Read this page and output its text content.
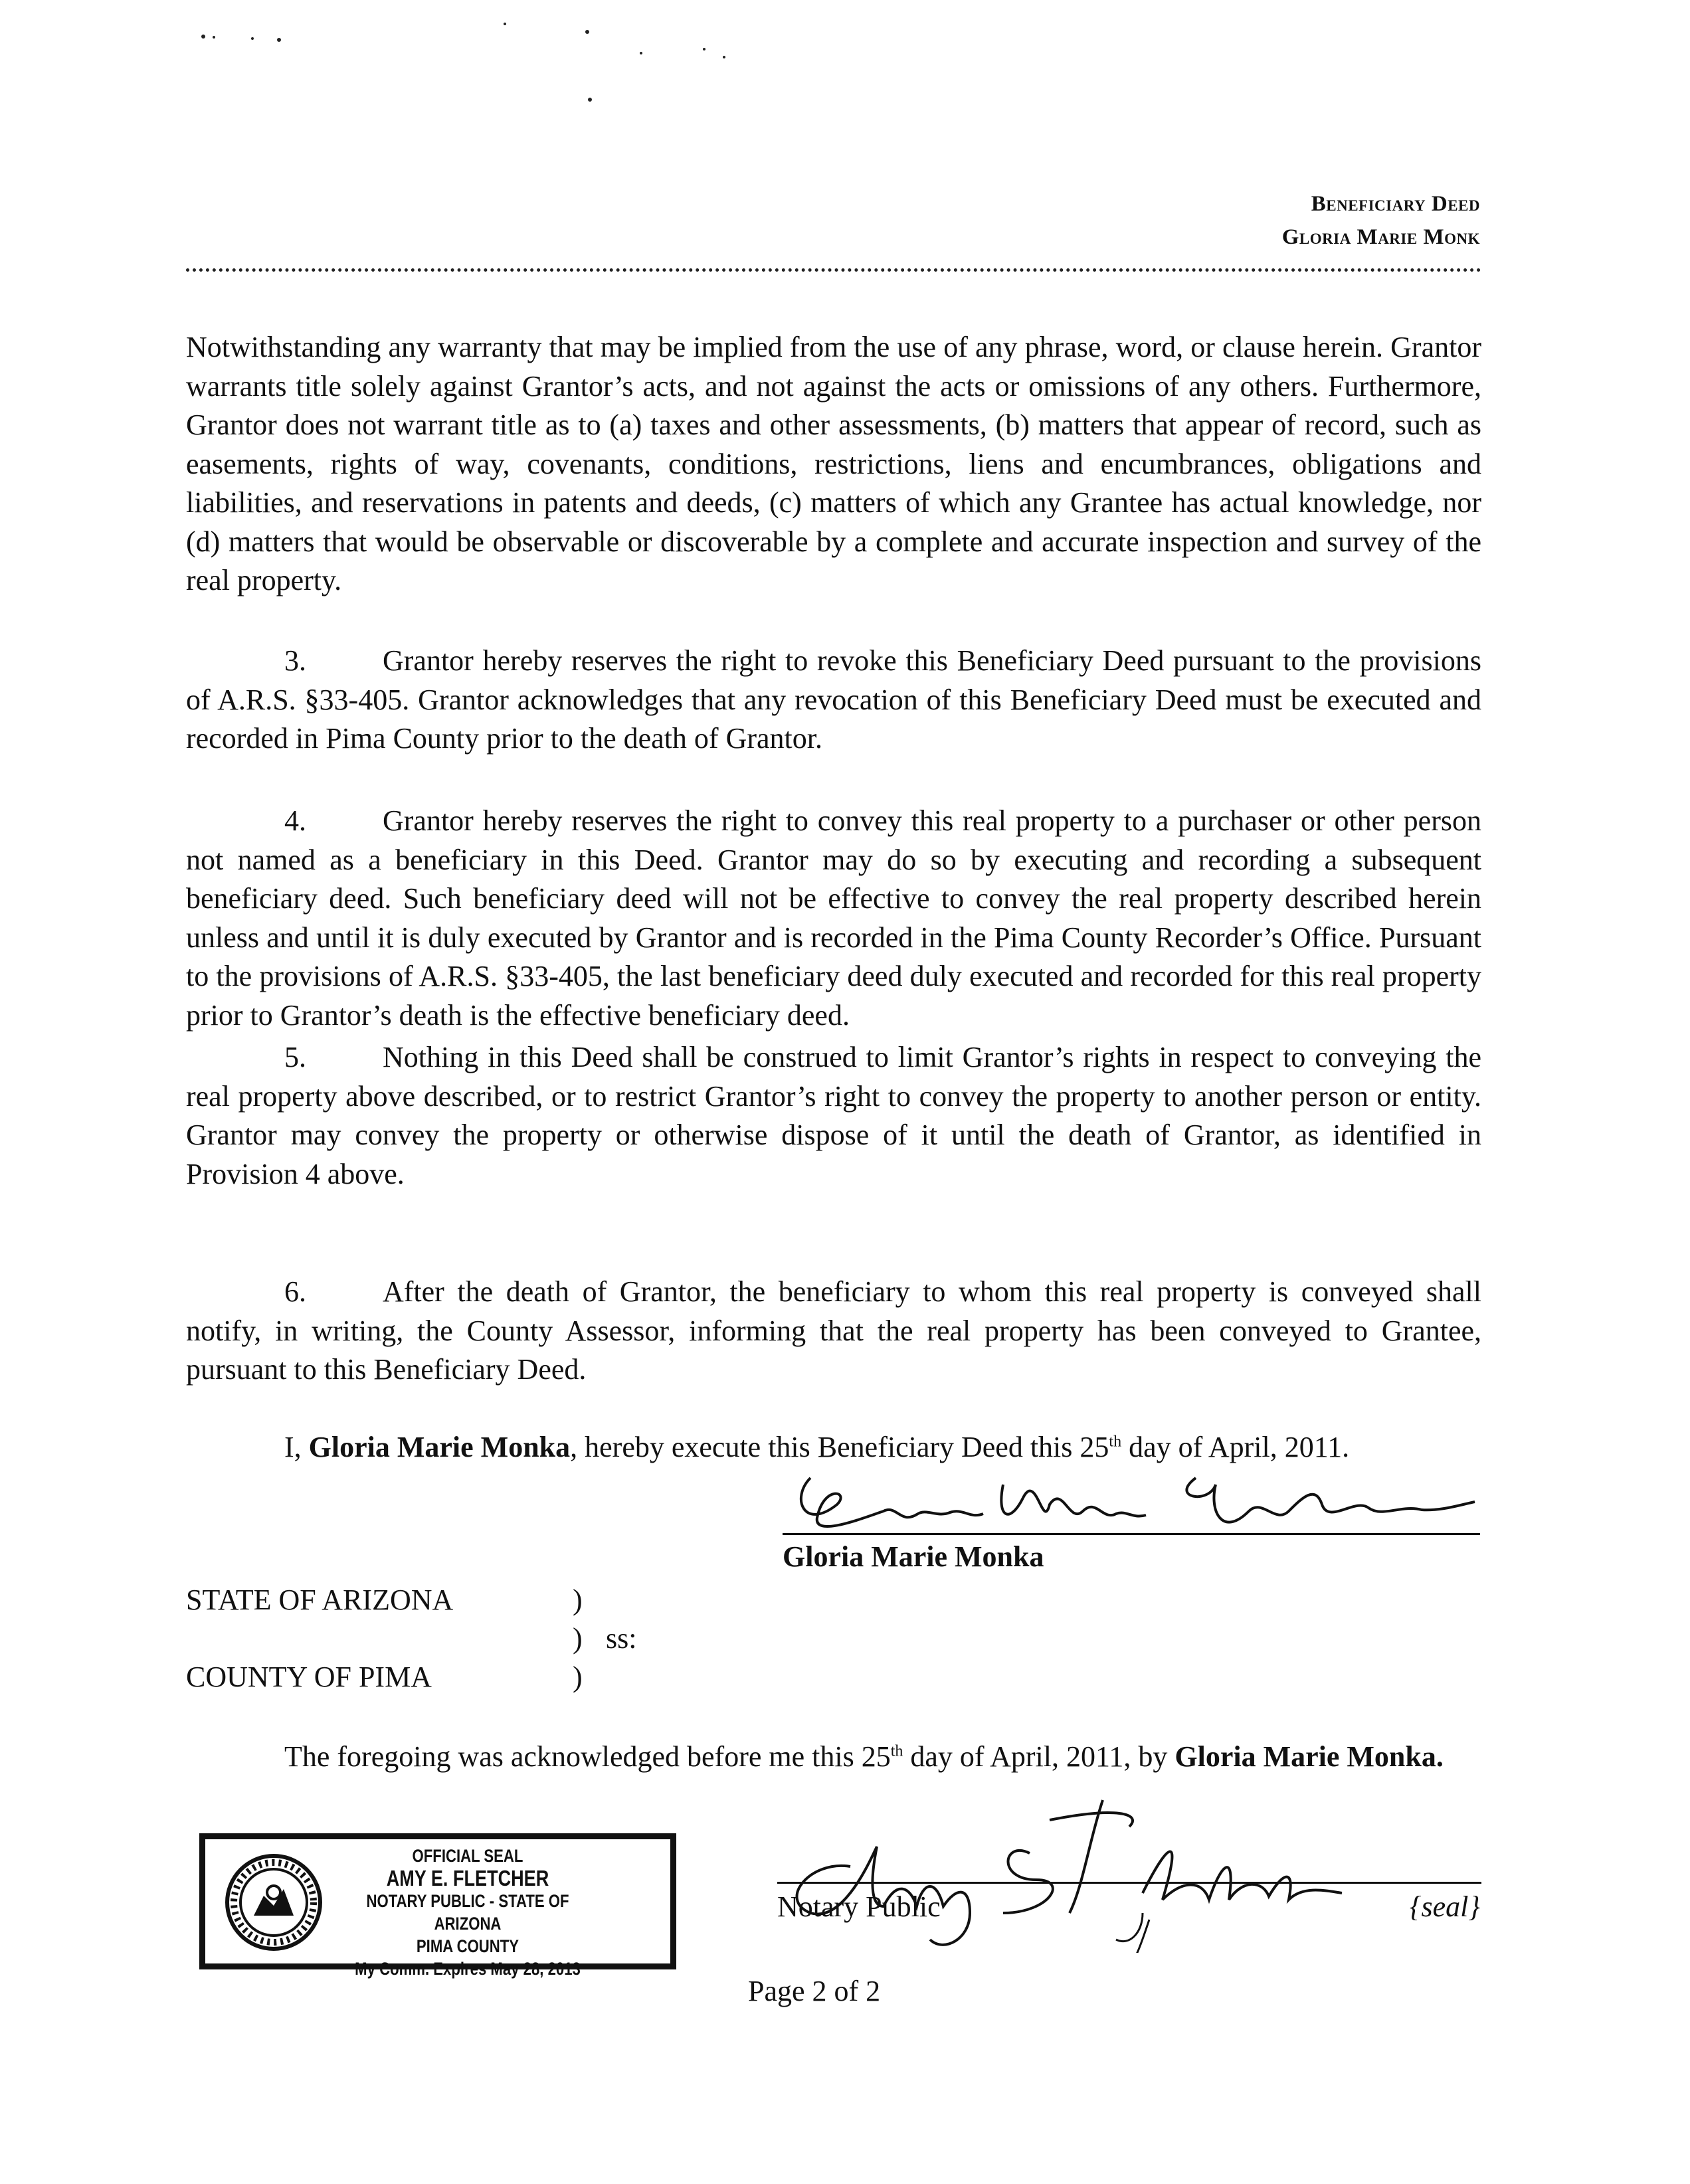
Beneficiary Deed
Gloria Marie Monk

Notwithstanding any warranty that may be implied from the use of any phrase, word, or clause herein. Grantor warrants title solely against Grantor’s acts, and not against the acts or omissions of any others. Furthermore, Grantor does not warrant title as to (a) taxes and other assessments, (b) matters that appear of record, such as easements, rights of way, covenants, conditions, restrictions, liens and encumbrances, obligations and liabilities, and reservations in patents and deeds, (c) matters of which any Grantee has actual knowledge, nor (d) matters that would be observable or discoverable by a complete and accurate inspection and survey of the real property.

3.	Grantor hereby reserves the right to revoke this Beneficiary Deed pursuant to the provisions of A.R.S. §33-405. Grantor acknowledges that any revocation of this Beneficiary Deed must be executed and recorded in Pima County prior to the death of Grantor.

4.	Grantor hereby reserves the right to convey this real property to a purchaser or other person not named as a beneficiary in this Deed. Grantor may do so by executing and recording a subsequent beneficiary deed. Such beneficiary deed will not be effective to convey the real property described herein unless and until it is duly executed by Grantor and is recorded in the Pima County Recorder’s Office. Pursuant to the provisions of A.R.S. §33-405, the last beneficiary deed duly executed and recorded for this real property prior to Grantor’s death is the effective beneficiary deed.

5.	Nothing in this Deed shall be construed to limit Grantor’s rights in respect to conveying the real property above described, or to restrict Grantor’s right to convey the property to another person or entity. Grantor may convey the property or otherwise dispose of it until the death of Grantor, as identified in Provision 4 above.

6.	After the death of Grantor, the beneficiary to whom this real property is conveyed shall notify, in writing, the County Assessor, informing that the real property has been conveyed to Grantee, pursuant to this Beneficiary Deed.

I, Gloria Marie Monka, hereby execute this Beneficiary Deed this 25th day of April, 2011.

Gloria Marie Monka
STATE OF ARIZONA	)
) ss:
COUNTY OF PIMA	)

The foregoing was acknowledged before me this 25th day of April, 2011, by Gloria Marie Monka.

Notary Public	{seal}
OFFICIAL SEAL
AMY E. FLETCHER
NOTARY PUBLIC - STATE OF ARIZONA
PIMA COUNTY
My Comm. Expires May 28, 2013
Page 2 of 2
